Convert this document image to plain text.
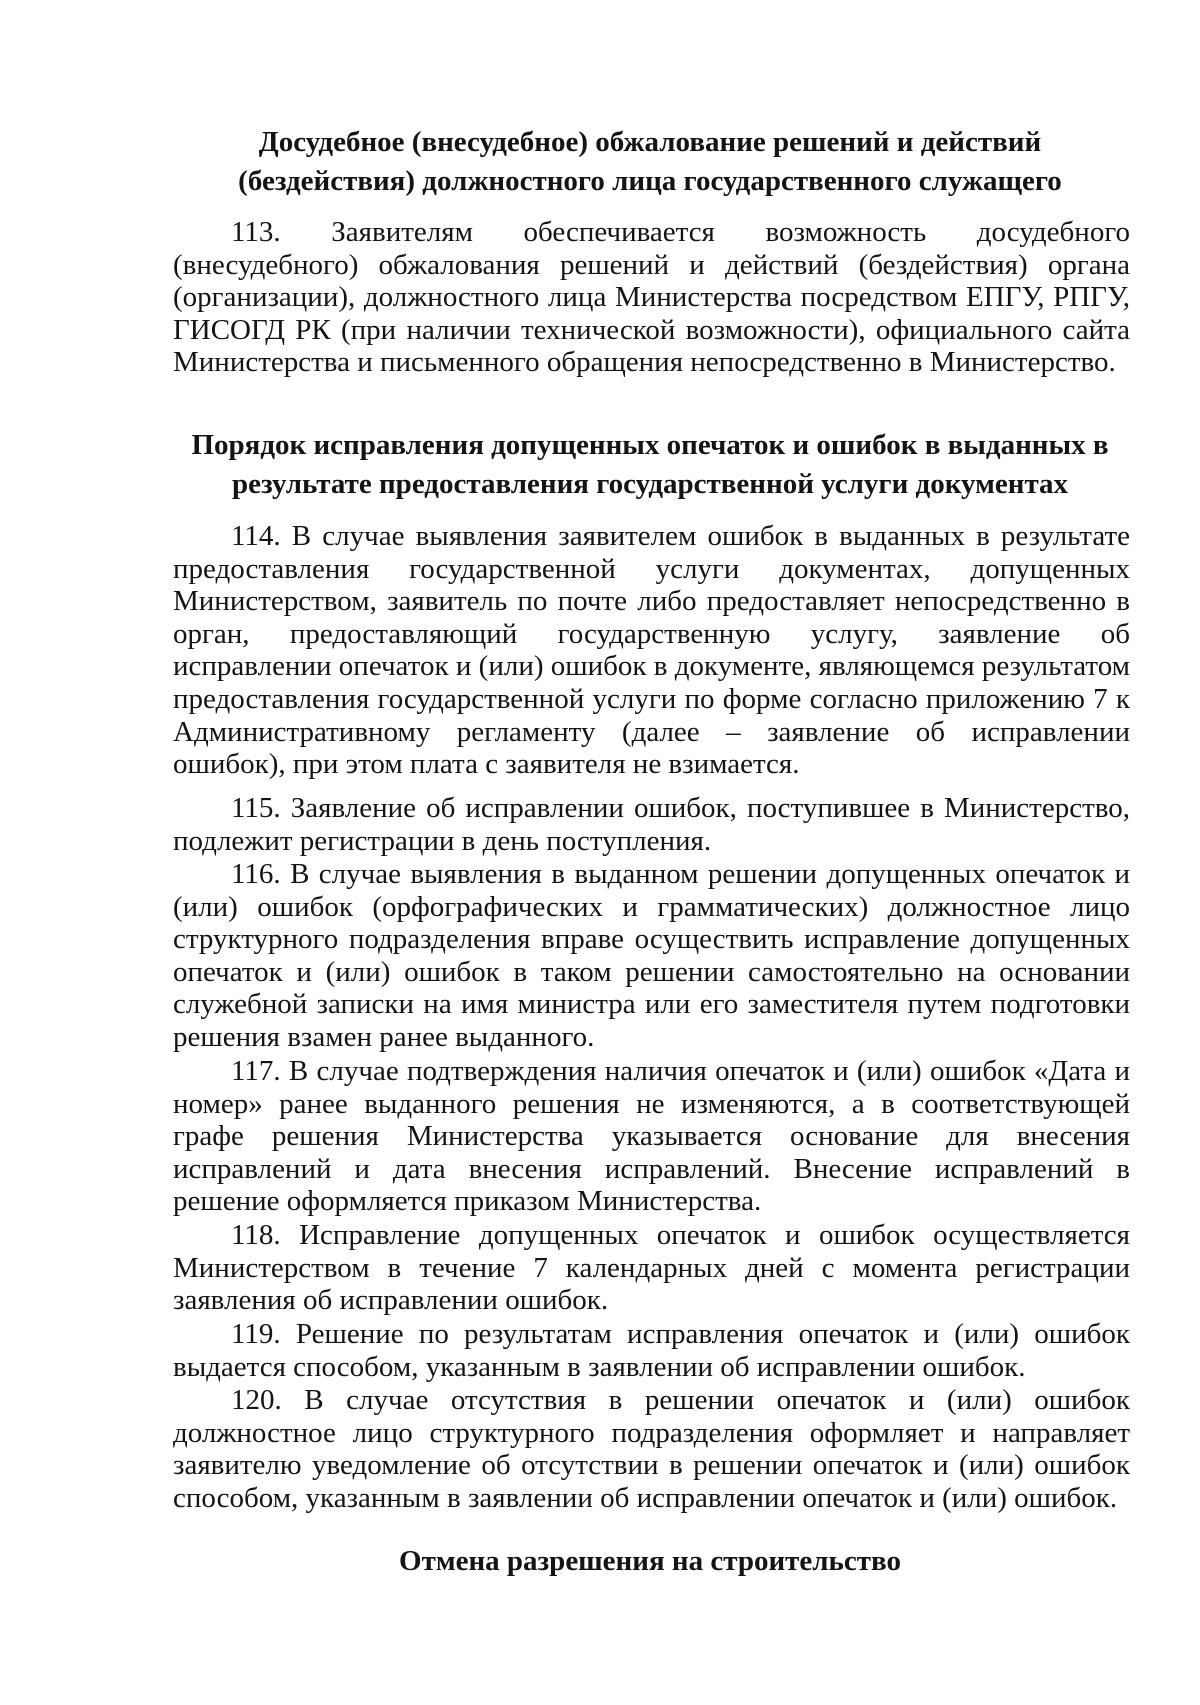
Досудебное (внесудебное) обжалование решений и действий (бездействия) должностного лица государственного служащего

113. Заявителям обеспечивается возможность досудебного (внесудебного) обжалования решений и действий (бездействия) органа (организации), должностного лица Министерства посредством ЕПГУ, РПГУ, ГИСОГД РК (при наличии технической возможности), официального сайта Министерства и письменного обращения непосредственно в Министерство.

Порядок исправления допущенных опечаток и ошибок в выданных в результате предоставления государственной услуги документах

114. В случае выявления заявителем ошибок в выданных в результате предоставления государственной услуги документах, допущенных Министерством, заявитель по почте либо предоставляет непосредственно в орган, предоставляющий государственную услугу, заявление об исправлении опечаток и (или) ошибок в документе, являющемся результатом предоставления государственной услуги по форме согласно приложению 7 к Административному регламенту (далее – заявление об исправлении ошибок), при этом плата с заявителя не взимается.

115. Заявление об исправлении ошибок, поступившее в Министерство, подлежит регистрации в день поступления.

116. В случае выявления в выданном решении допущенных опечаток и (или) ошибок (орфографических и грамматических) должностное лицо структурного подразделения вправе осуществить исправление допущенных опечаток и (или) ошибок в таком решении самостоятельно на основании служебной записки на имя министра или его заместителя путем подготовки решения взамен ранее выданного.

117. В случае подтверждения наличия опечаток и (или) ошибок «Дата и номер» ранее выданного решения не изменяются, а в соответствующей графе решения Министерства указывается основание для внесения исправлений и дата внесения исправлений. Внесение исправлений в решение оформляется приказом Министерства.

118. Исправление допущенных опечаток и ошибок осуществляется Министерством в течение 7 календарных дней с момента регистрации заявления об исправлении ошибок.

119. Решение по результатам исправления опечаток и (или) ошибок выдается способом, указанным в заявлении об исправлении ошибок.

120. В случае отсутствия в решении опечаток и (или) ошибок должностное лицо структурного подразделения оформляет и направляет заявителю уведомление об отсутствии в решении опечаток и (или) ошибок способом, указанным в заявлении об исправлении опечаток и (или) ошибок.

Отмена разрешения на строительство
